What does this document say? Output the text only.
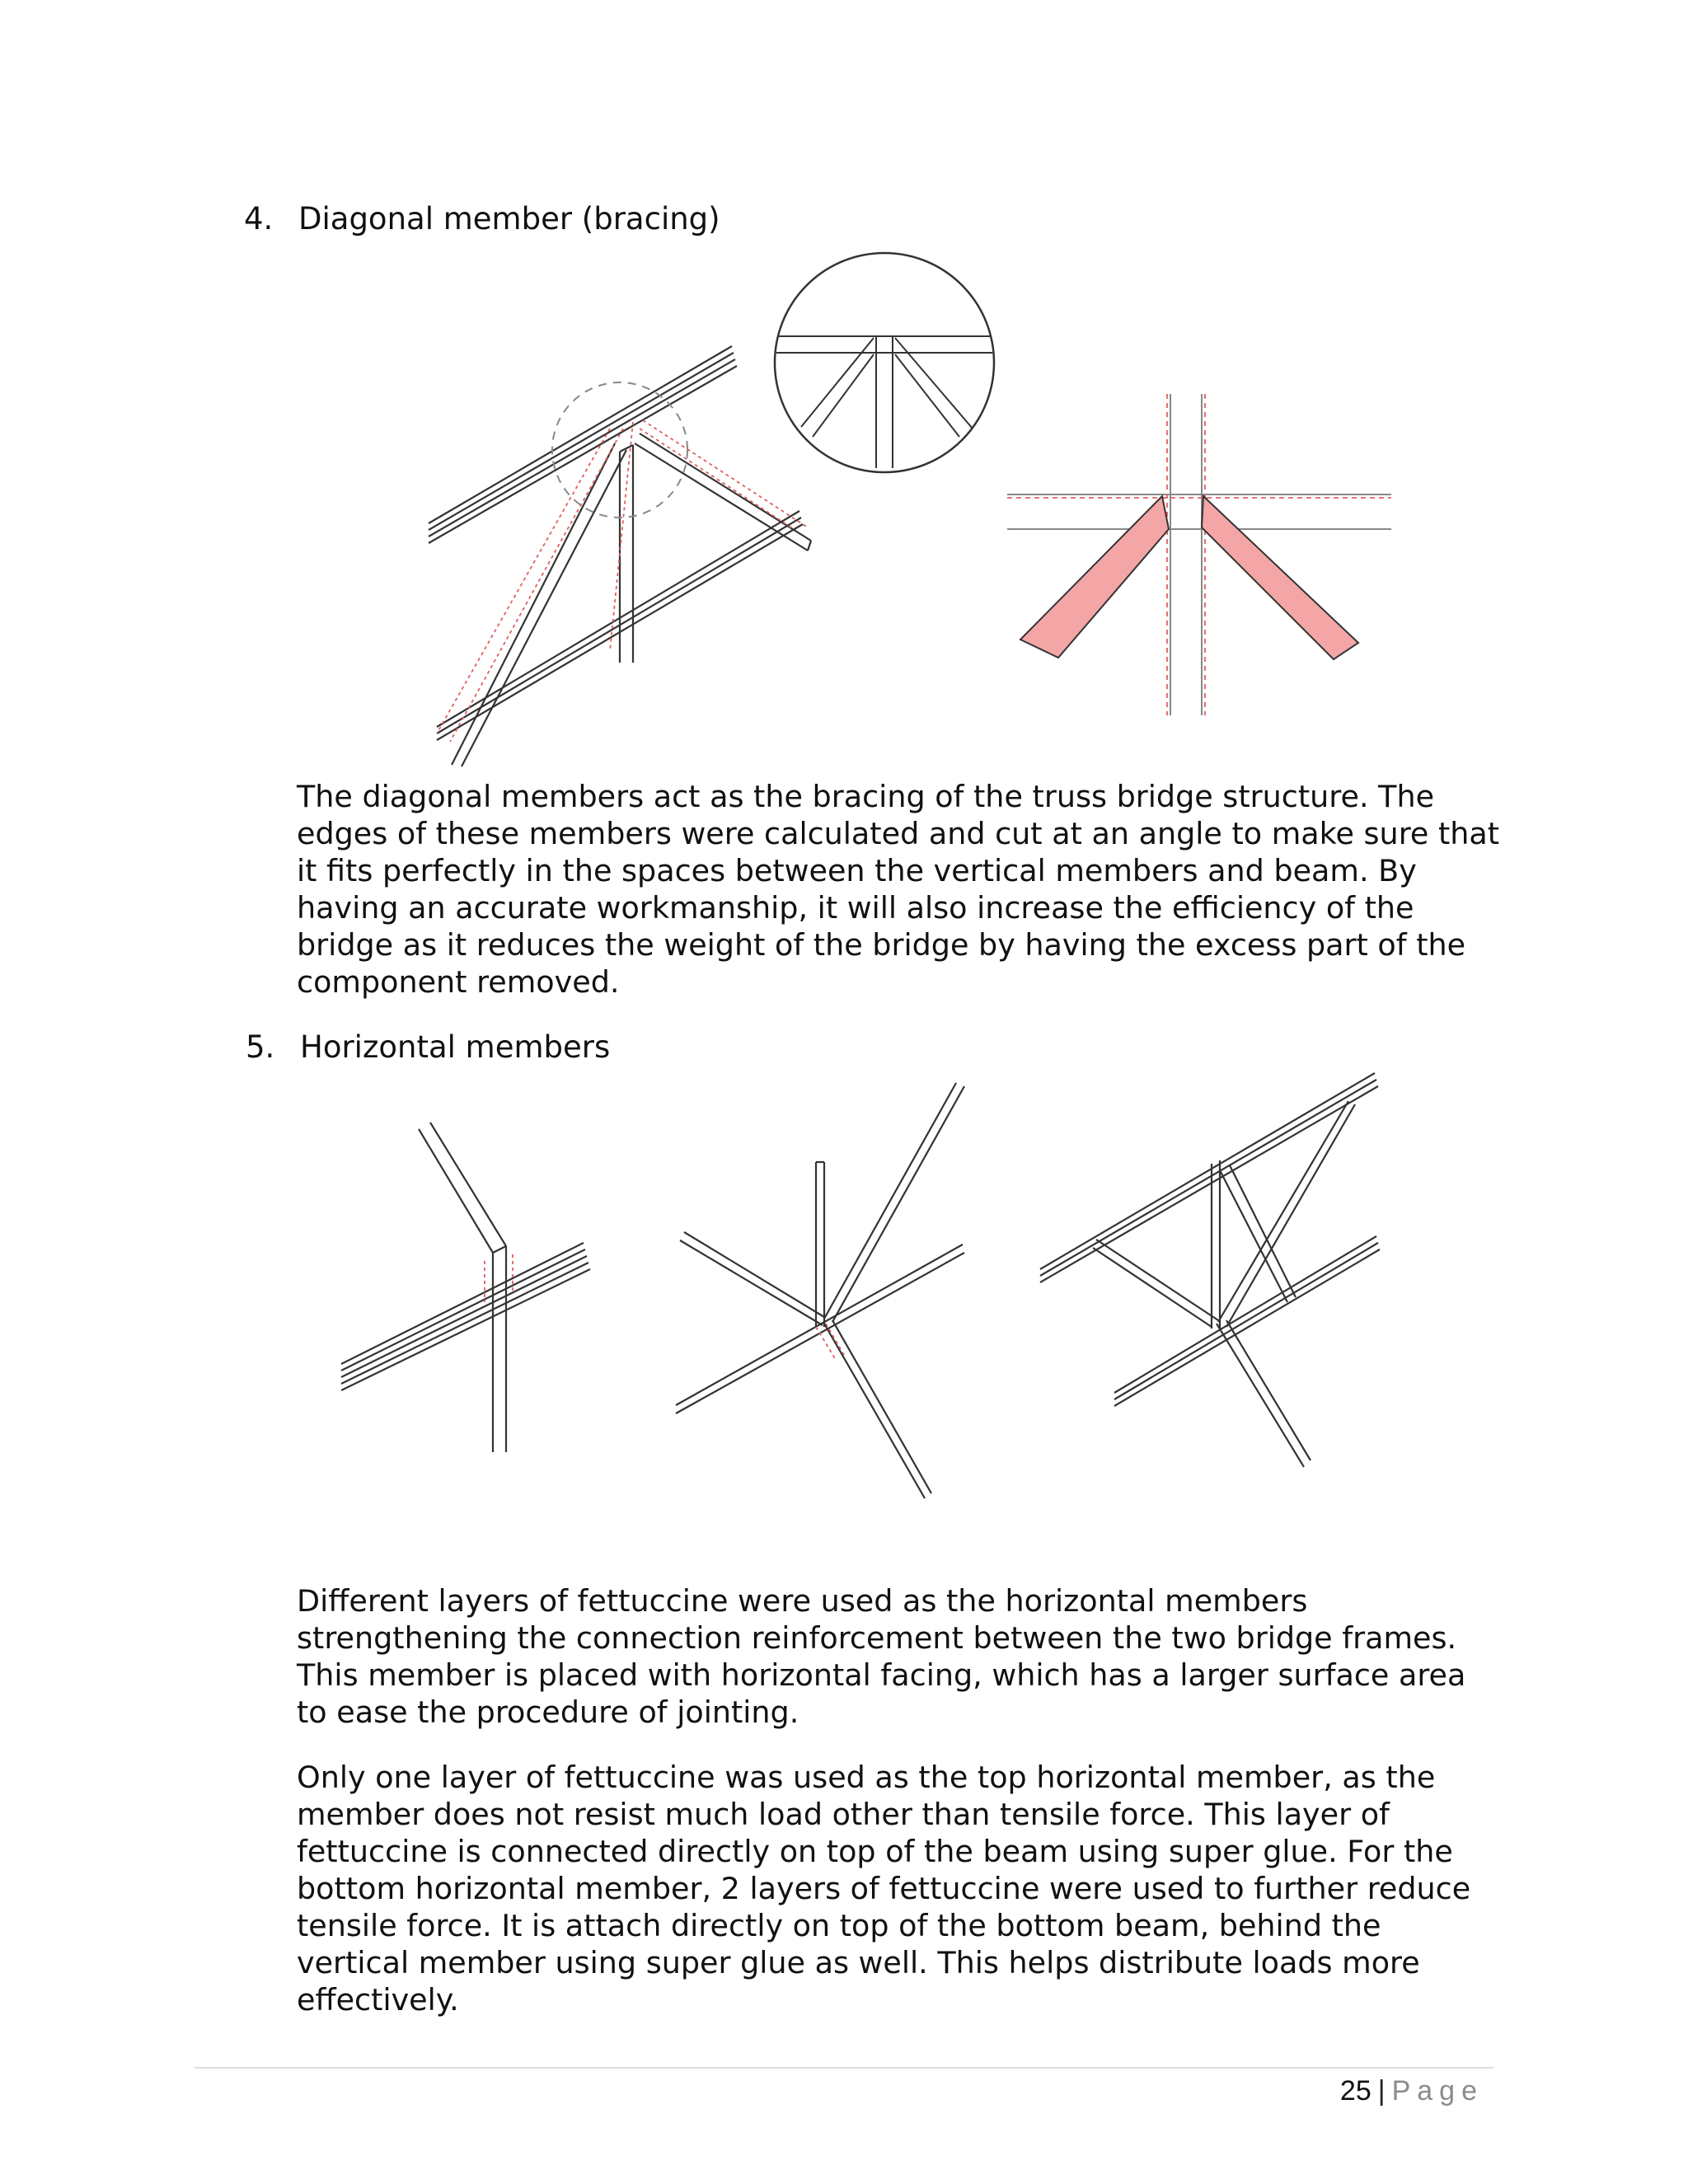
4. Diagonal member (bracing)

The diagonal members act as the bracing of the truss bridge structure. The edges of these members were calculated and cut at an angle to make sure that it fits perfectly in the spaces between the vertical members and beam. By having an accurate workmanship, it will also increase the efficiency of the bridge as it reduces the weight of the bridge by having the excess part of the component removed.

5. Horizontal members

Different layers of fettuccine were used as the horizontal members strengthening the connection reinforcement between the two bridge frames. This member is placed with horizontal facing, which has a larger surface area to ease the procedure of jointing.

Only one layer of fettuccine was used as the top horizontal member, as the member does not resist much load other than tensile force. This layer of fettuccine is connected directly on top of the beam using super glue. For the bottom horizontal member, 2 layers of fettuccine were used to further reduce tensile force. It is attach directly on top of the bottom beam, behind the vertical member using super glue as well. This helps distribute loads more effectively.

25 | Page
